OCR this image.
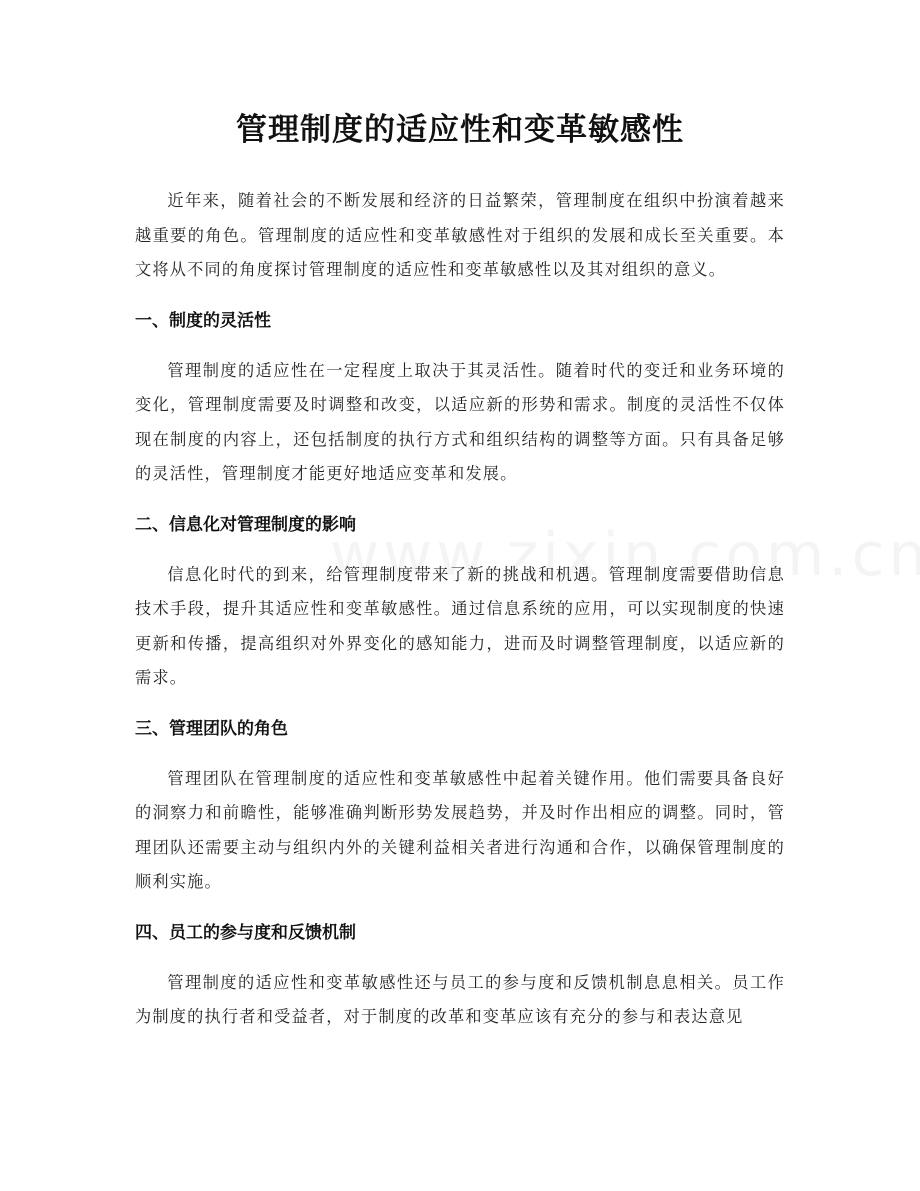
管理制度的适应性和变革敏感性

近年来，随着社会的不断发展和经济的日益繁荣，管理制度在组织中扮演着越来越重要的角色。管理制度的适应性和变革敏感性对于组织的发展和成长至关重要。本文将从不同的角度探讨管理制度的适应性和变革敏感性以及其对组织的意义。

一、制度的灵活性

管理制度的适应性在一定程度上取决于其灵活性。随着时代的变迁和业务环境的变化，管理制度需要及时调整和改变，以适应新的形势和需求。制度的灵活性不仅体现在制度的内容上，还包括制度的执行方式和组织结构的调整等方面。只有具备足够的灵活性，管理制度才能更好地适应变革和发展。

二、信息化对管理制度的影响

信息化时代的到来，给管理制度带来了新的挑战和机遇。管理制度需要借助信息技术手段，提升其适应性和变革敏感性。通过信息系统的应用，可以实现制度的快速更新和传播，提高组织对外界变化的感知能力，进而及时调整管理制度，以适应新的需求。

三、管理团队的角色

管理团队在管理制度的适应性和变革敏感性中起着关键作用。他们需要具备良好的洞察力和前瞻性，能够准确判断形势发展趋势，并及时作出相应的调整。同时，管理团队还需要主动与组织内外的关键利益相关者进行沟通和合作，以确保管理制度的顺利实施。

四、员工的参与度和反馈机制

管理制度的适应性和变革敏感性还与员工的参与度和反馈机制息息相关。员工作为制度的执行者和受益者，对于制度的改革和变革应该有充分的参与和表达意见
